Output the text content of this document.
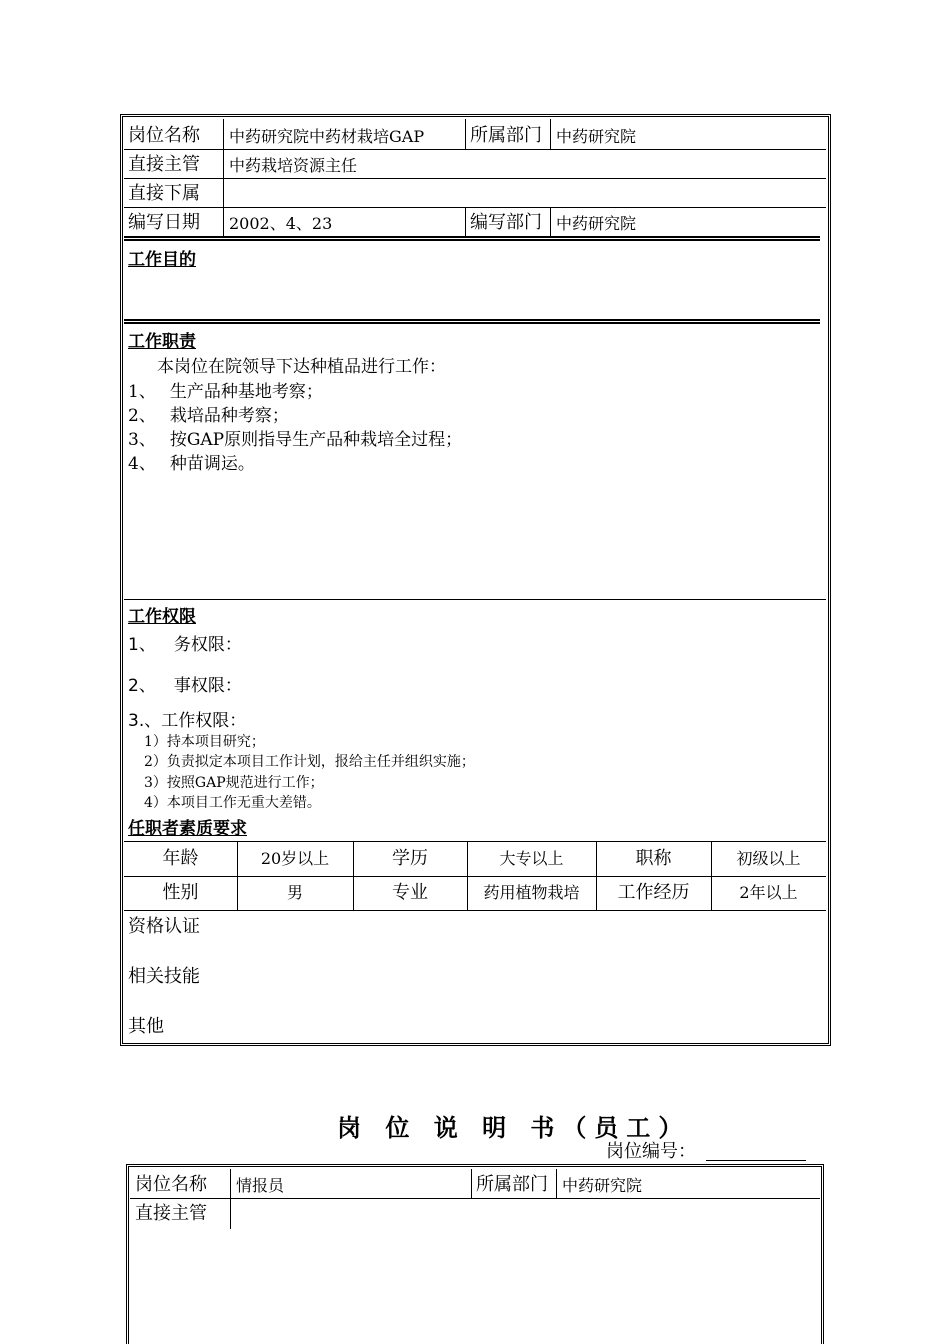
岗位名称 中药研究院中药材栽培GAP	所属部门 中药研究院
直接主管 中药栽培资源主任
直接下属
编写日期 2002、4、23	编写部门 中药研究院
工作目的
工作职责
本岗位在院领导下达种植品进行工作：
1、 生产品种基地考察；
2、 栽培品种考察；
3、 按GAP原则指导生产品种栽培全过程；
4、 种苗调运。
工作权限
1、 务权限：
2、 事权限：
3.、工作权限：
1）持本项目研究；
2）负责拟定本项目工作计划，报给主任并组织实施；
3）按照GAP规范进行工作；
4）本项目工作无重大差错。
任职者素质要求
年龄	20岁以上	学历	大专以上	职称	初级以上
性别	男	专业	药用植物栽培	工作经历	2年以上
资格认证
相关技能
其他
岗 位 说 明 书（员工）
岗位编号：
岗位名称 情报员	所属部门 中药研究院
直接主管
